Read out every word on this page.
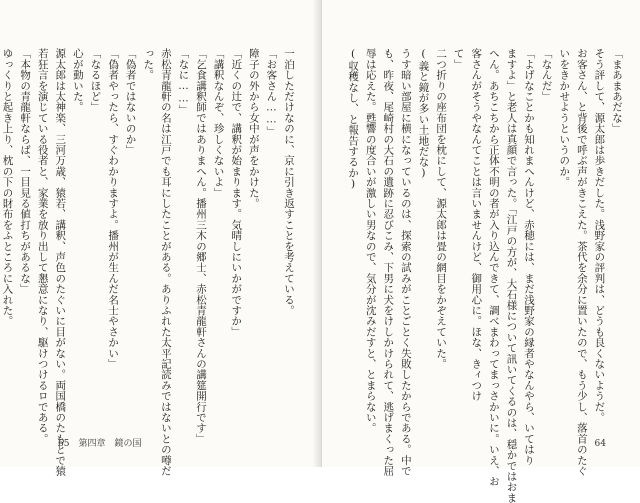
一泊しただけなのに、京に引き返すことを考えている。
「お客さん……」
障子の外から女中が声をかけた。
「近くの辻で、講釈が始まります。気晴しにいかがですか」
「講釈なんぞ、珍しくないよ」
「乞食講釈師ではありまへん。播州三木の郷士、赤松青龍軒さんの講筵開行です」
「なに……」
赤松青龍軒の名は江戸でも耳にしたことがある。ありふれた太平記読みではないとの噂だ
った。
「偽者ではないのか」
「偽者やったら、すぐわかりますよ。播州が生んだ名士やさかい」
「なるほど」
心が動いた。
源太郎は太神楽、三河万歳、猿若、講釈、声色のたぐいに目がない。両国橋のたもとで猿
若狂言を演じている役者と、家業を放り出して懇意になり、駆けつけるロである。
「本物の青龍軒ならば、一目見る値打ちがあるな」
ゆっくりと起き上り、枕の下の財布をふところに入れた。
65　第四章　鏡の国
「まあまあだな」
そう評して、源太郎は歩きだした。浅野家の評判は、どうも良くないようだ。
お客さん、と背後で呼ぶ声がきこえた。茶代を余分に置いたので、もう少し、落首のたぐ
いをきかせようというのか。
「なんだ」
「よげなことかも知れまへんけど、赤穂には、まだ浅野家の縁者やなんやら、いてはり
ますよ」と老人は真顔で言った。「江戸の方が、大石様について訊いてくるのは、穏かではおま
へん。あちこちから正体不明の者が入り込んできて、調べまわってまっさかいに。いえ、お
客さんがそうやなんてことは言いませんけど、御用心に。ほな、きィつけ
て」
二つ折りの座布団を枕にして、源太郎は畳の網目をかぞえていた。
(義と鏡が多い土地だな)
うす暗い部屋に横になっているのは、探索の試みがことごとく失敗したからである。中で
も、昨夜、尾崎村の大石の遺跡に忍びこみ、下男に犬をけしかけられて、逃げまくった屈
辱は応えた。甦響の度合いが激しい男なので、気分が沈みだすと、とまらない。
(収穫なし、と報告するか)
64
